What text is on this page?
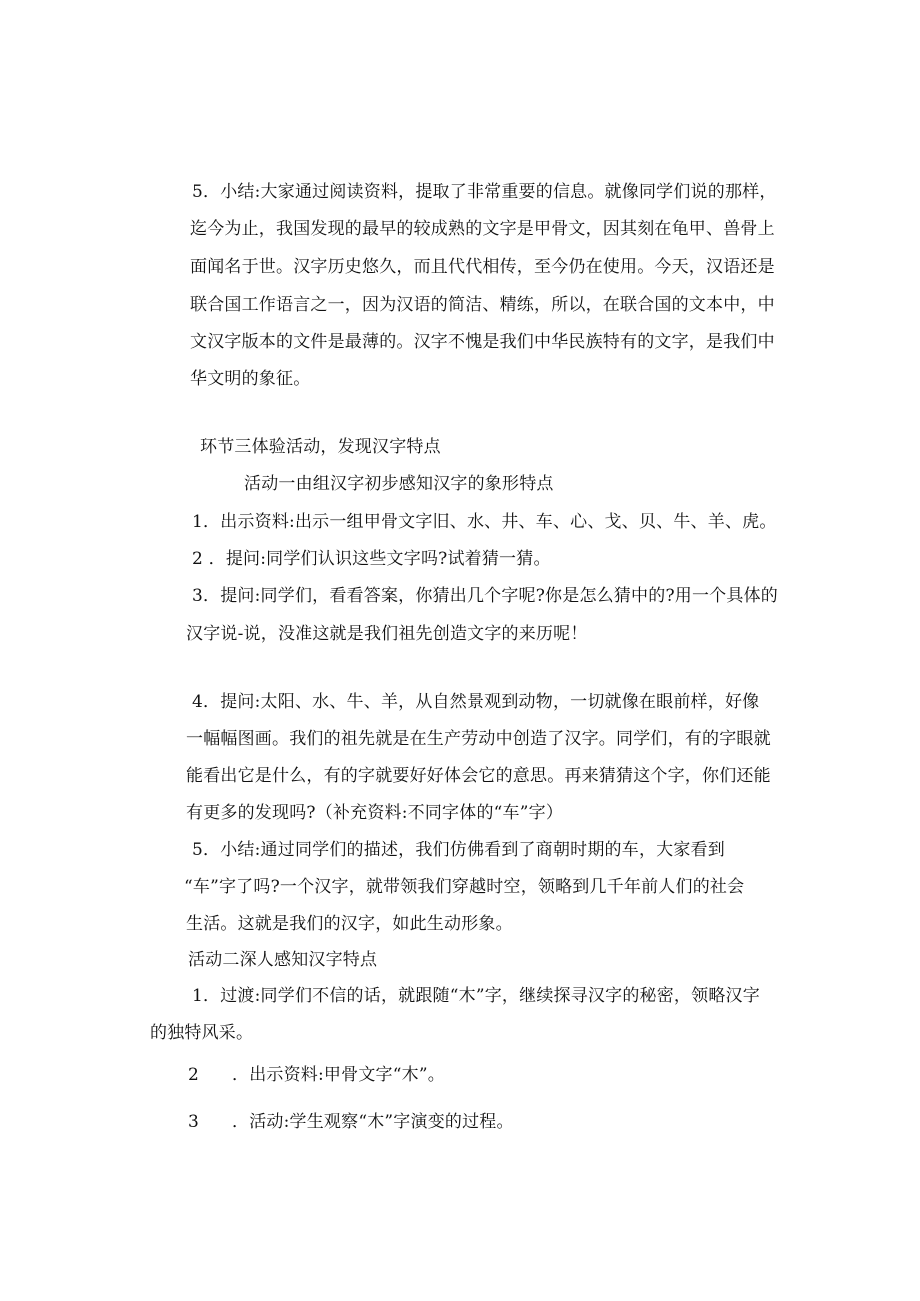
5．小结:大家通过阅读资料，提取了非常重要的信息。就像同学们说的那样，
迄今为止，我国发现的最早的较成熟的文字是甲骨文，因其刻在龟甲、兽骨上
面闻名于世。汉字历史悠久，而且代代相传，至今仍在使用。今天，汉语还是
联合国工作语言之一，因为汉语的简洁、精练，所以，在联合国的文本中，中
文汉字版本的文件是最薄的。汉字不愧是我们中华民族特有的文字，是我们中
华文明的象征。
环节三体验活动，发现汉字特点
活动一由组汉字初步感知汉字的象形特点
1．出示资料:出示一组甲骨文字旧、水、井、车、心、戈、贝、牛、羊、虎。
2 ．提问:同学们认识这些文字吗?试着猜一猜。
3．提问:同学们，看看答案，你猜出几个字呢?你是怎么猜中的?用一个具体的
汉字说-说，没准这就是我们祖先创造文字的来历呢！
4．提问:太阳、水、牛、羊，从自然景观到动物，一切就像在眼前样，好像
一幅幅图画。我们的祖先就是在生产劳动中创造了汉字。同学们，有的字眼就
能看出它是什么，有的字就要好好体会它的意思。再来猜猜这个字，你们还能
有更多的发现吗?（补充资料:不同字体的“车”字）
5．小结:通过同学们的描述，我们仿佛看到了商朝时期的车，大家看到
“车”字了吗?一个汉字，就带领我们穿越时空，领略到几千年前人们的社会
生活。这就是我们的汉字，如此生动形象。
活动二深人感知汉字特点
1．过渡:同学们不信的话，就跟随“木”字，继续探寻汉字的秘密，领略汉字
的独特风采。
2 ．出示资料:甲骨文字“木”。
3 ．活动:学生观察“木”字演变的过程。
